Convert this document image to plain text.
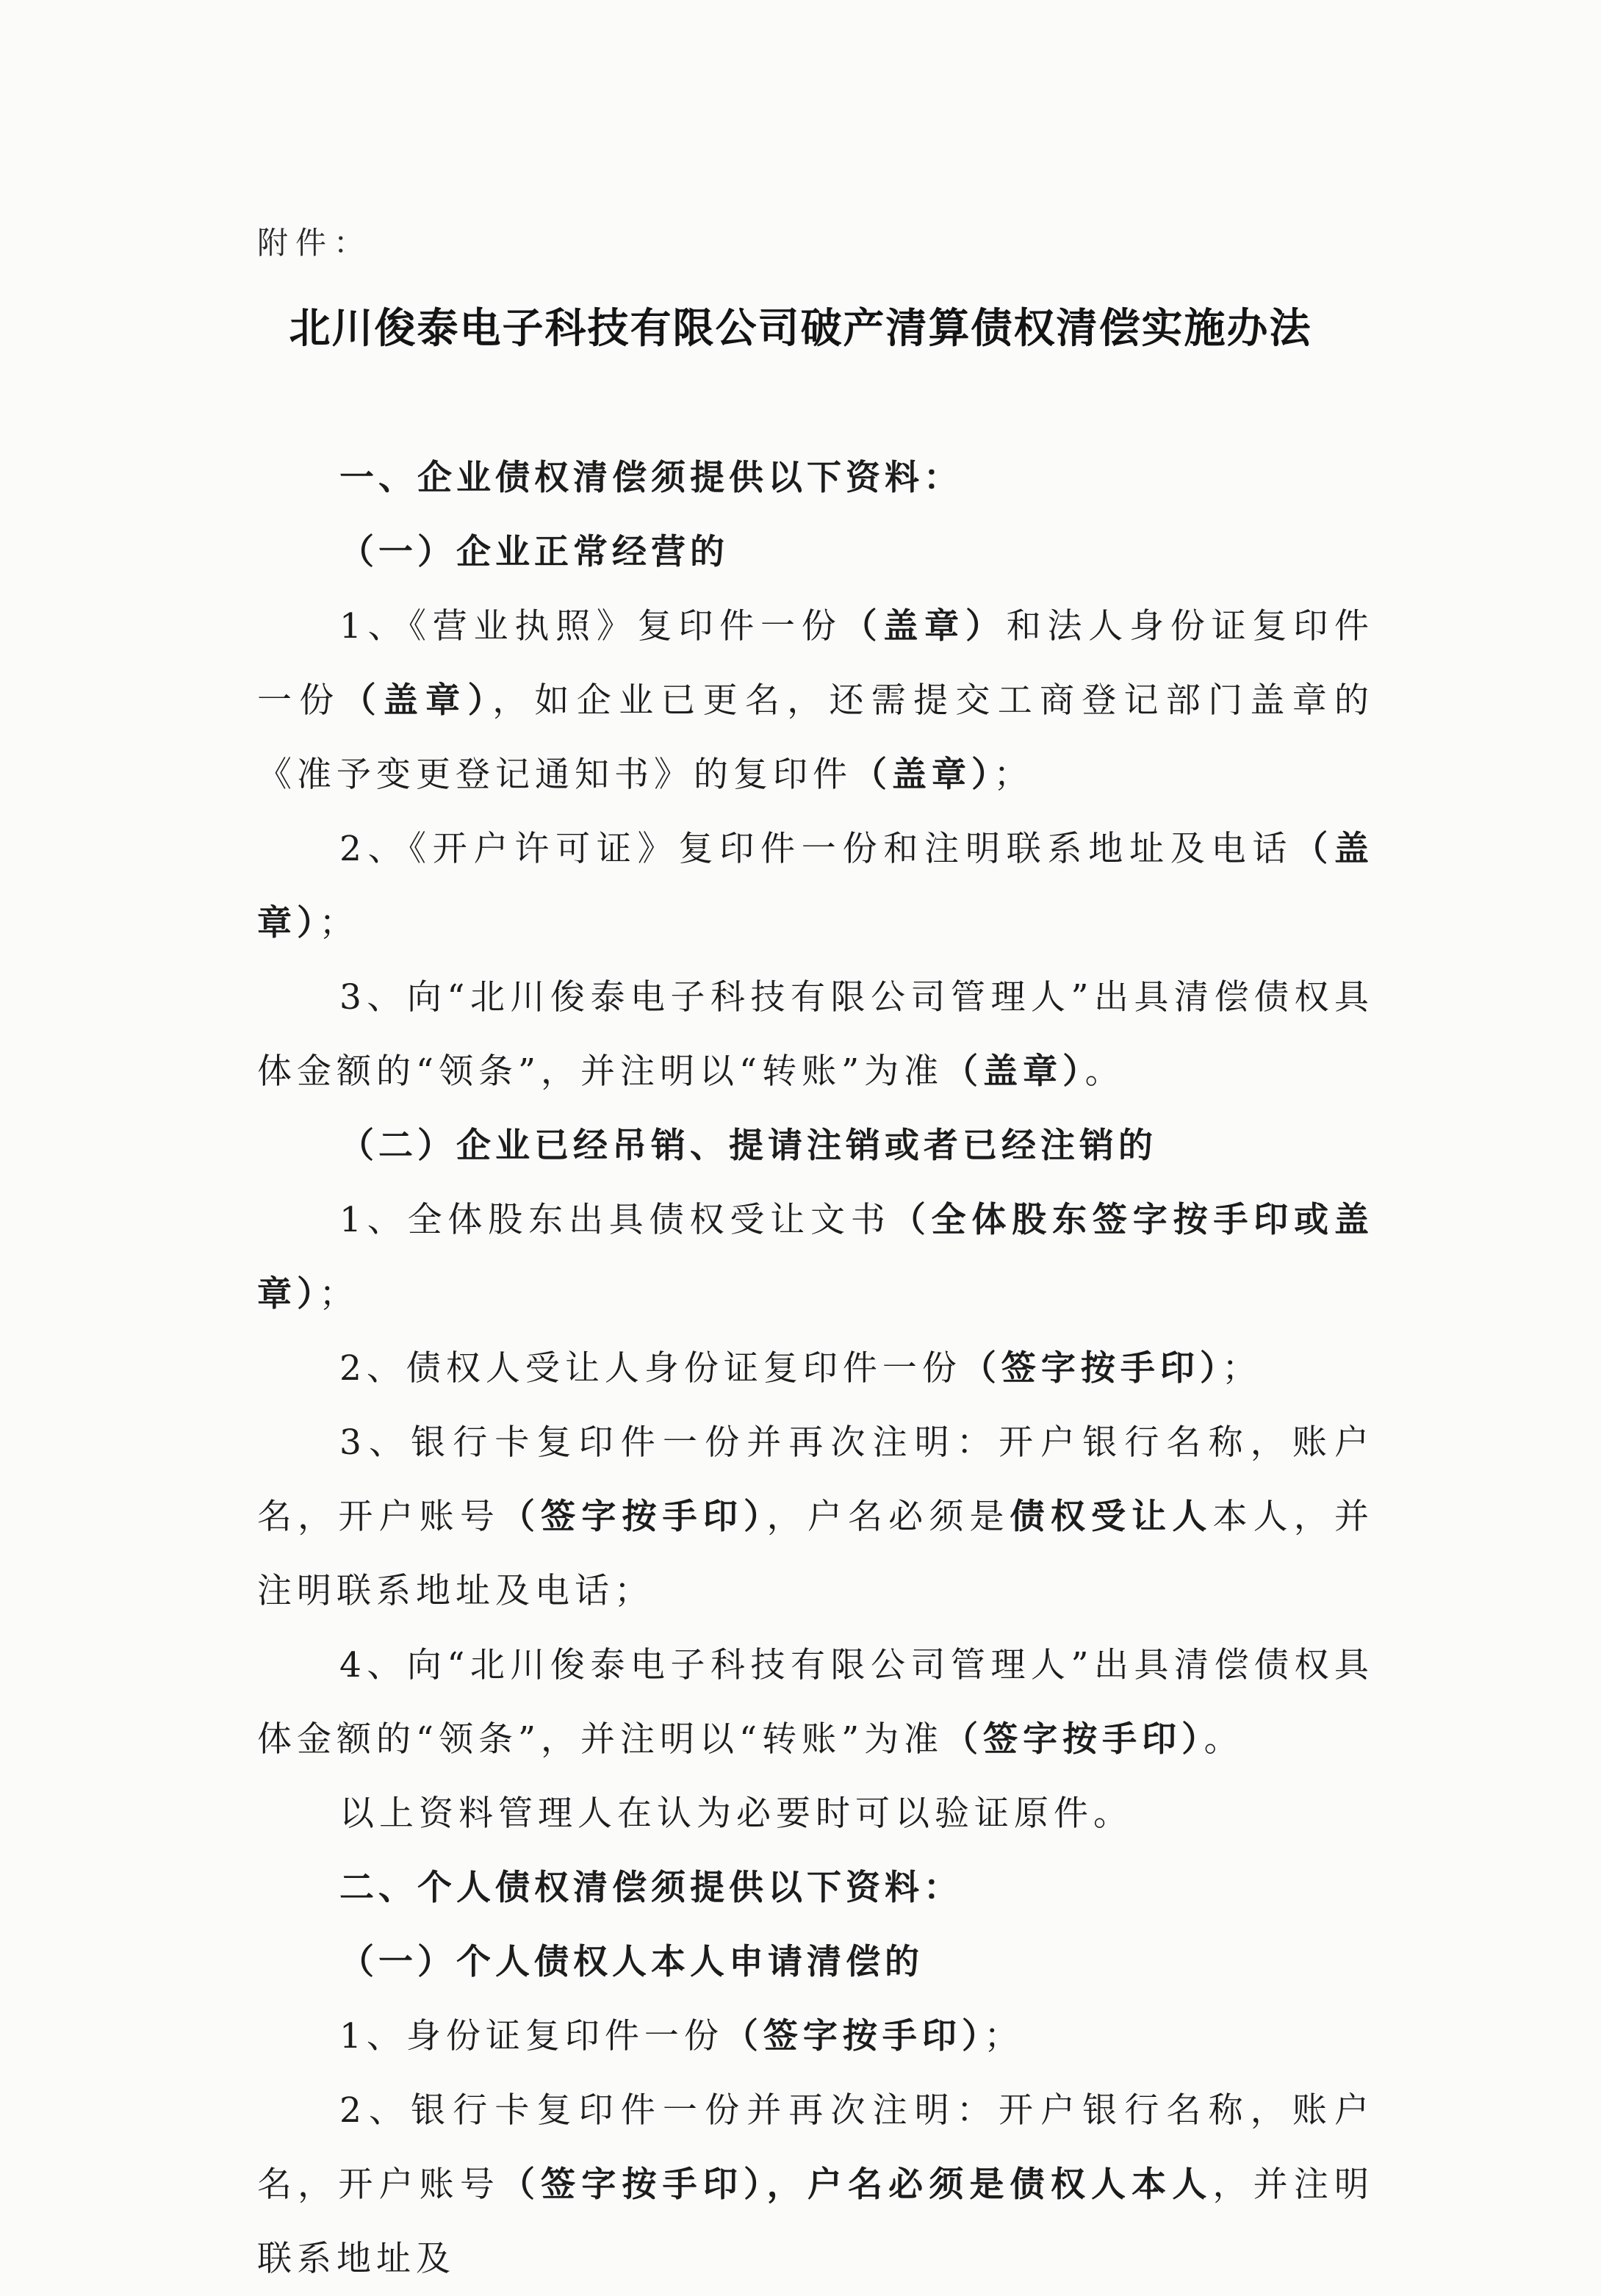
附件：
北川俊泰电子科技有限公司破产清算债权清偿实施办法

一、企业债权清偿须提供以下资料：

（一）企业正常经营的

1、《营业执照》复印件一份（盖章）和法人身份证复印件一份（盖章），如企业已更名，还需提交工商登记部门盖章的《准予变更登记通知书》的复印件（盖章）；

2、《开户许可证》复印件一份和注明联系地址及电话（盖章）；

3、向“北川俊泰电子科技有限公司管理人”出具清偿债权具体金额的“领条”，并注明以“转账”为准（盖章）。

（二）企业已经吊销、提请注销或者已经注销的

1、全体股东出具债权受让文书（全体股东签字按手印或盖章）；

2、债权人受让人身份证复印件一份（签字按手印）；

3、银行卡复印件一份并再次注明：开户银行名称，账户名，开户账号（签字按手印），户名必须是债权受让人本人，并注明联系地址及电话；

4、向“北川俊泰电子科技有限公司管理人”出具清偿债权具体金额的“领条”，并注明以“转账”为准（签字按手印）。

以上资料管理人在认为必要时可以验证原件。

二、个人债权清偿须提供以下资料：

（一）个人债权人本人申请清偿的

1、身份证复印件一份（签字按手印）；

2、银行卡复印件一份并再次注明：开户银行名称，账户名，开户账号（签字按手印），户名必须是债权人本人，并注明联系地址及
